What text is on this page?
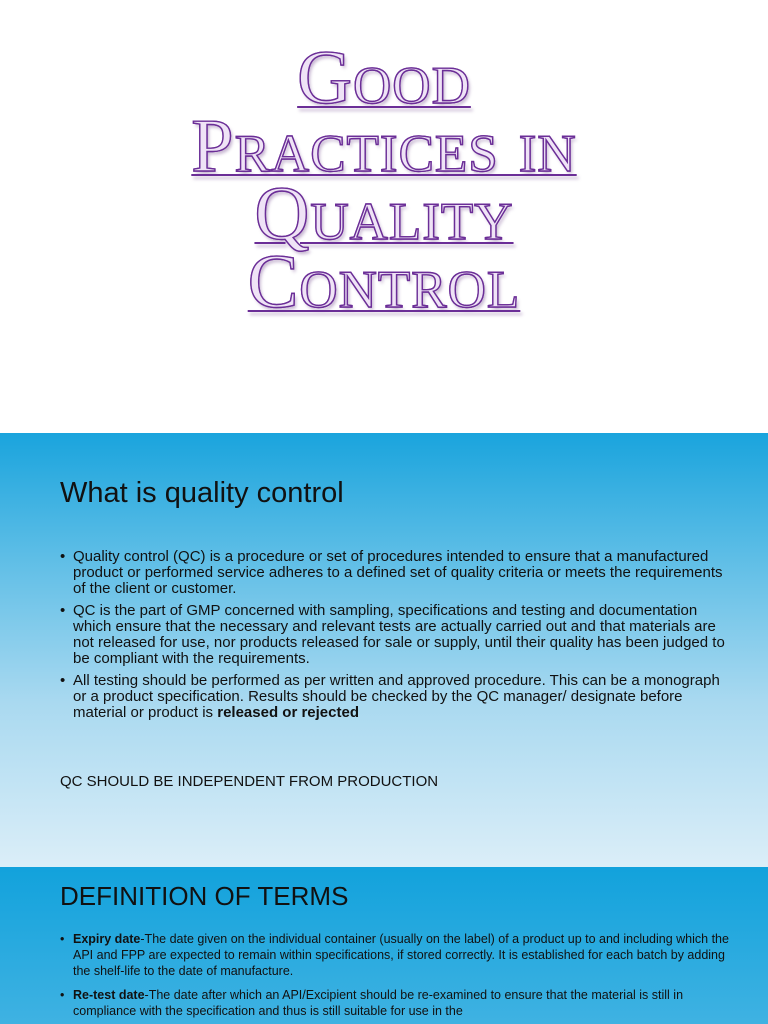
Good
Practices in
Quality
Control
What is quality control
• Quality control (QC) is a procedure or set of procedures intended to ensure that a manufactured product or performed service adheres to a defined set of quality criteria or meets the requirements of the client or customer.
• QC is the part of GMP concerned with sampling, specifications and testing and documentation which ensure that the necessary and relevant tests are actually carried out and that materials are not released for use, nor products released for sale or supply, until their quality has been judged to be compliant with the requirements.
• All testing should be performed as per written and approved procedure. This can be a monograph or a product specification. Results should be checked by the QC manager/ designate before material or product is released or rejected

QC SHOULD BE INDEPENDENT FROM PRODUCTION

DEFINITION OF TERMS
• Expiry date-The date given on the individual container (usually on the label) of a product up to and including which the API and FPP are expected to remain within specifications, if stored correctly. It is established for each batch by adding the shelf-life to the date of manufacture.
• Re-test date-The date after which an API/Excipient should be re-examined to ensure that the material is still in compliance with the specification and thus is still suitable for use in the
